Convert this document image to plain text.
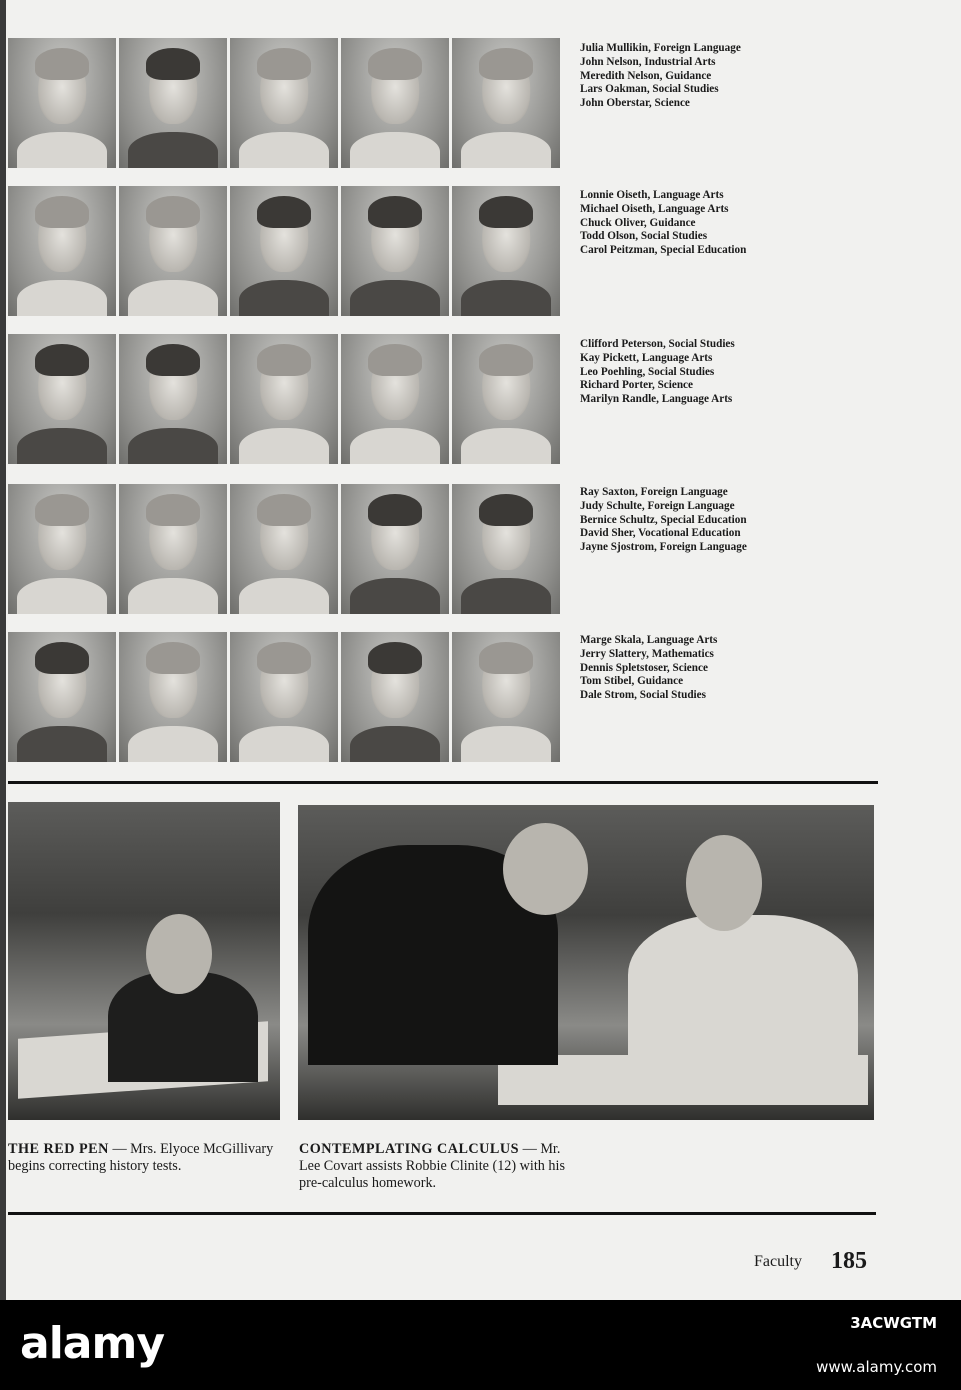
Julia Mullikin, Foreign Language
John Nelson, Industrial Arts
Meredith Nelson, Guidance
Lars Oakman, Social Studies
John Oberstar, Science
Lonnie Oiseth, Language Arts
Michael Oiseth, Language Arts
Chuck Oliver, Guidance
Todd Olson, Social Studies
Carol Peitzman, Special Education
Clifford Peterson, Social Studies
Kay Pickett, Language Arts
Leo Poehling, Social Studies
Richard Porter, Science
Marilyn Randle, Language Arts
Ray Saxton, Foreign Language
Judy Schulte, Foreign Language
Bernice Schultz, Special Education
David Sher, Vocational Education
Jayne Sjostrom, Foreign Language
Marge Skala, Language Arts
Jerry Slattery, Mathematics
Dennis Spletstoser, Science
Tom Stibel, Guidance
Dale Strom, Social Studies
THE RED PEN — Mrs. Elyoce McGillivary begins correcting history tests.
CONTEMPLATING CALCULUS — Mr. Lee Covart assists Robbie Clinite (12) with his pre-calculus homework.
Faculty 185
alamy	3ACWGTM
www.alamy.com
